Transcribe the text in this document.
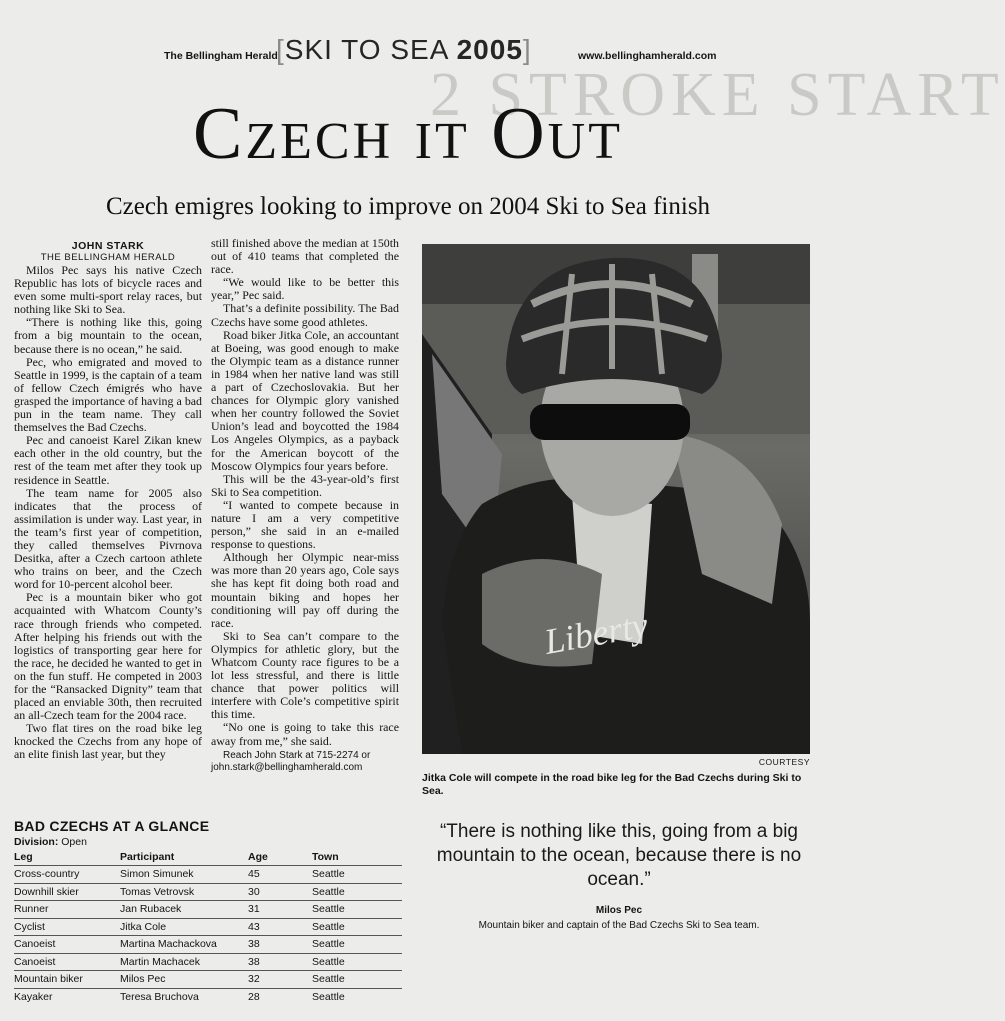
2 STROKE START
The Bellingham Herald
[SKI TO SEA 2005]	www.bellinghamherald.com
Czech it Out
Czech emigres looking to improve on 2004 Ski to Sea finish
JOHN STARK
THE BELLINGHAM HERALD

Milos Pec says his native Czech Republic has lots of bicycle races and even some multi-sport relay races, but nothing like Ski to Sea.

“There is nothing like this, going from a big mountain to the ocean, because there is no ocean,” he said.

Pec, who emigrated and moved to Seattle in 1999, is the captain of a team of fellow Czech émigrés who have grasped the importance of having a bad pun in the team name. They call themselves the Bad Czechs.

Pec and canoeist Karel Zikan knew each other in the old country, but the rest of the team met after they took up residence in Seattle.

The team name for 2005 also indicates that the process of assimilation is under way. Last year, in the team’s first year of competition, they called themselves Pivrnova Desitka, after a Czech cartoon athlete who trains on beer, and the Czech word for 10-percent alcohol beer.

Pec is a mountain biker who got acquainted with Whatcom County’s race through friends who competed. After helping his friends out with the logistics of transporting gear here for the race, he decided he wanted to get in on the fun stuff. He competed in 2003 for the “Ransacked Dignity” team that placed an enviable 30th, then recruited an all-Czech team for the 2004 race.

Two flat tires on the road bike leg knocked the Czechs from any hope of an elite finish last year, but they

still finished above the median at 150th out of 410 teams that completed the race.

“We would like to be better this year,” Pec said.

That’s a definite possibility. The Bad Czechs have some good athletes.

Road biker Jitka Cole, an accountant at Boeing, was good enough to make the Olympic team as a distance runner in 1984 when her native land was still a part of Czechoslovakia. But her chances for Olympic glory vanished when her country followed the Soviet Union’s lead and boycotted the 1984 Los Angeles Olympics, as a payback for the American boycott of the Moscow Olympics four years before.

This will be the 43-year-old’s first Ski to Sea competition.

“I wanted to compete because in nature I am a very competitive person,” she said in an e-mailed response to questions.

Although her Olympic near-miss was more than 20 years ago, Cole says she has kept fit doing both road and mountain biking and hopes her conditioning will pay off during the race.

Ski to Sea can’t compare to the Olympics for athletic glory, but the Whatcom County race figures to be a lot less stressful, and there is little chance that power politics will interfere with Cole’s competitive spirit this time.

“No one is going to take this race away from me,” she said.

Reach John Stark at 715-2274 or
john.stark@bellinghamherald.com
Liberty
COURTESY
Jitka Cole will compete in the road bike leg for the Bad Czechs during Ski to Sea.
“There is nothing like this, going from a big mountain to the ocean, because there is no ocean.”
Milos Pec
Mountain biker and captain of the Bad Czechs Ski to Sea team.
BAD CZECHS AT A GLANCE
Division: Open
Leg	Participant	Age	Town
Cross-country	Simon Simunek	45	Seattle
Downhill skier	Tomas Vetrovsk	30	Seattle
Runner	Jan Rubacek	31	Seattle
Cyclist	Jitka Cole	43	Seattle
Canoeist	Martina Machackova	38	Seattle
Canoeist	Martin Machacek	38	Seattle
Mountain biker	Milos Pec	32	Seattle
Kayaker	Teresa Bruchova	28	Seattle
